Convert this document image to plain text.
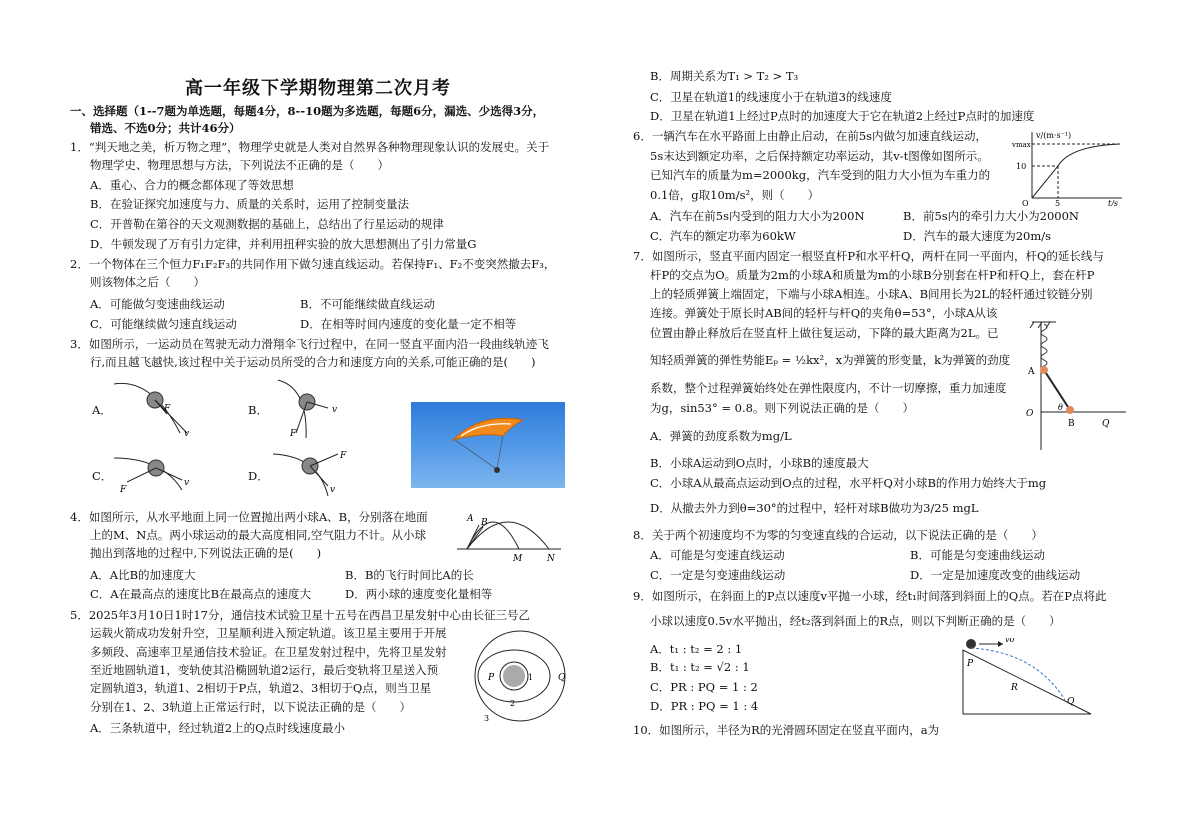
高一年级下学期物理第二次月考
一、选择题（1--7题为单选题，每题4分，8--10题为多选题，每题6分，漏选、少选得3分，
错选、不选0分；共计46分）
1．“判天地之美，析万物之理”，物理学史就是人类对自然界各种物理现象认识的发展史。关于
物理学史、物理思想与方法，下列说法不正确的是（　　）
A．重心、合力的概念都体现了等效思想
B．在验证探究加速度与力、质量的关系时，运用了控制变量法
C．开普勒在第谷的天文观测数据的基础上，总结出了行星运动的规律
D．牛顿发现了万有引力定律，并利用扭秤实验的放大思想测出了引力常量G
2．一个物体在三个恒力F₁F₂F₃的共同作用下做匀速直线运动。若保持F₁、F₂不变突然撤去F₃，
则该物体之后（　　）
A．可能做匀变速曲线运动	B．不可能继续做直线运动
C．可能继续做匀速直线运动	D．在相等时间内速度的变化量一定不相等
3．如图所示，一运动员在驾驶无动力滑翔伞飞行过程中，在同一竖直平面内沿一段曲线轨迹飞
行,而且越飞越快,该过程中关于运动员所受的合力和速度方向的关系,可能正确的是(　　)
A．	F
v
B．	v
F
C．
F
v	D．
F
v
4．如图所示，从水平地面上同一位置抛出两小球A、B，分别落在地面
上的M、N点。两小球运动的最大高度相同,空气阻力不计。从小球
抛出到落地的过程中,下列说法正确的是(　　)
A B
M	N
A．A比B的加速度大	B．B的飞行时间比A的长
C．A在最高点的速度比B在最高点的速度大	D．两小球的速度变化量相等
5．2025年3月10日1时17分，通信技术试验卫星十五号在西昌卫星发射中心由长征三号乙
运载火箭成功发射升空，卫星顺利进入预定轨道。该卫星主要用于开展
多频段、高速率卫星通信技术验证。在卫星发射过程中，先将卫星发射
至近地圆轨道1，变轨使其沿椭圆轨道2运行，最后变轨将卫星送入预
定圆轨道3，轨道1、2相切于P点，轨道2、3相切于Q点，则当卫星
分别在1、2、3轨道上正常运行时，以下说法正确的是（　　）
A．三条轨道中，经过轨道2上的Q点时线速度最小
P	Q
1
2
3
B．周期关系为T₁ > T₂ > T₃
C．卫星在轨道1的线速度小于在轨道3的线速度
D．卫星在轨道1上经过P点时的加速度大于它在轨道2上经过P点时的加速度
6．一辆汽车在水平路面上由静止启动，在前5s内做匀加速直线运动，
5s末达到额定功率，之后保持额定功率运动，其v-t图像如图所示。
已知汽车的质量为m=2000kg，汽车受到的阻力大小恒为车重力的
0.1倍，g取10m/s²，则（　　）
v/(m·s⁻¹)
vmax
10
O	5	t/s
A．汽车在前5s内受到的阻力大小为200N	B．前5s内的牵引力大小为2000N
C．汽车的额定功率为60kW	D．汽车的最大速度为20m/s
7．如图所示，竖直平面内固定一根竖直杆P和水平杆Q，两杆在同一平面内，杆Q的延长线与
杆P的交点为O。质量为2m的小球A和质量为m的小球B分别套在杆P和杆Q上，套在杆P
上的轻质弹簧上端固定，下端与小球A相连。小球A、B间用长为2L的轻杆通过铰链分别
连接。弹簧处于原长时AB间的轻杆与杆Q的夹角θ=53°，小球A从该
位置由静止释放后在竖直杆上做往复运动，下降的最大距离为2L。已
知轻质弹簧的弹性势能Eₚ = ½kx²，x为弹簧的形变量，k为弹簧的劲度
系数，整个过程弹簧始终处在弹性限度内，不计一切摩擦，重力加速度
为g，sin53° = 0.8。则下列说法正确的是（　　）
A．弹簧的劲度系数为mg/L
B．小球A运动到O点时，小球B的速度最大
C．小球A从最高点运动到O点的过程，水平杆Q对小球B的作用力始终大于mg
D．从撤去外力到θ=30°的过程中，轻杆对球B做功为3/25 mgL
A
O
θ
B	Q
8．关于两个初速度均不为零的匀变速直线的合运动，以下说法正确的是（　　）
A．可能是匀变速直线运动	B．可能是匀变速曲线运动
C．一定是匀变速曲线运动	D．一定是加速度改变的曲线运动
9．如图所示，在斜面上的P点以速度v平抛一小球，经t₁时间落到斜面上的Q点。若在P点将此
小球以速度0.5v水平抛出，经t₂落到斜面上的R点，则以下判断正确的是（　　）
A．t₁ : t₂ = 2 : 1
B．t₁ : t₂ = √2 : 1
C．PR : PQ = 1 : 2
D．PR : PQ = 1 : 4
v0
P
R
Q
10．如图所示，半径为R的光滑圆环固定在竖直平面内，a为
